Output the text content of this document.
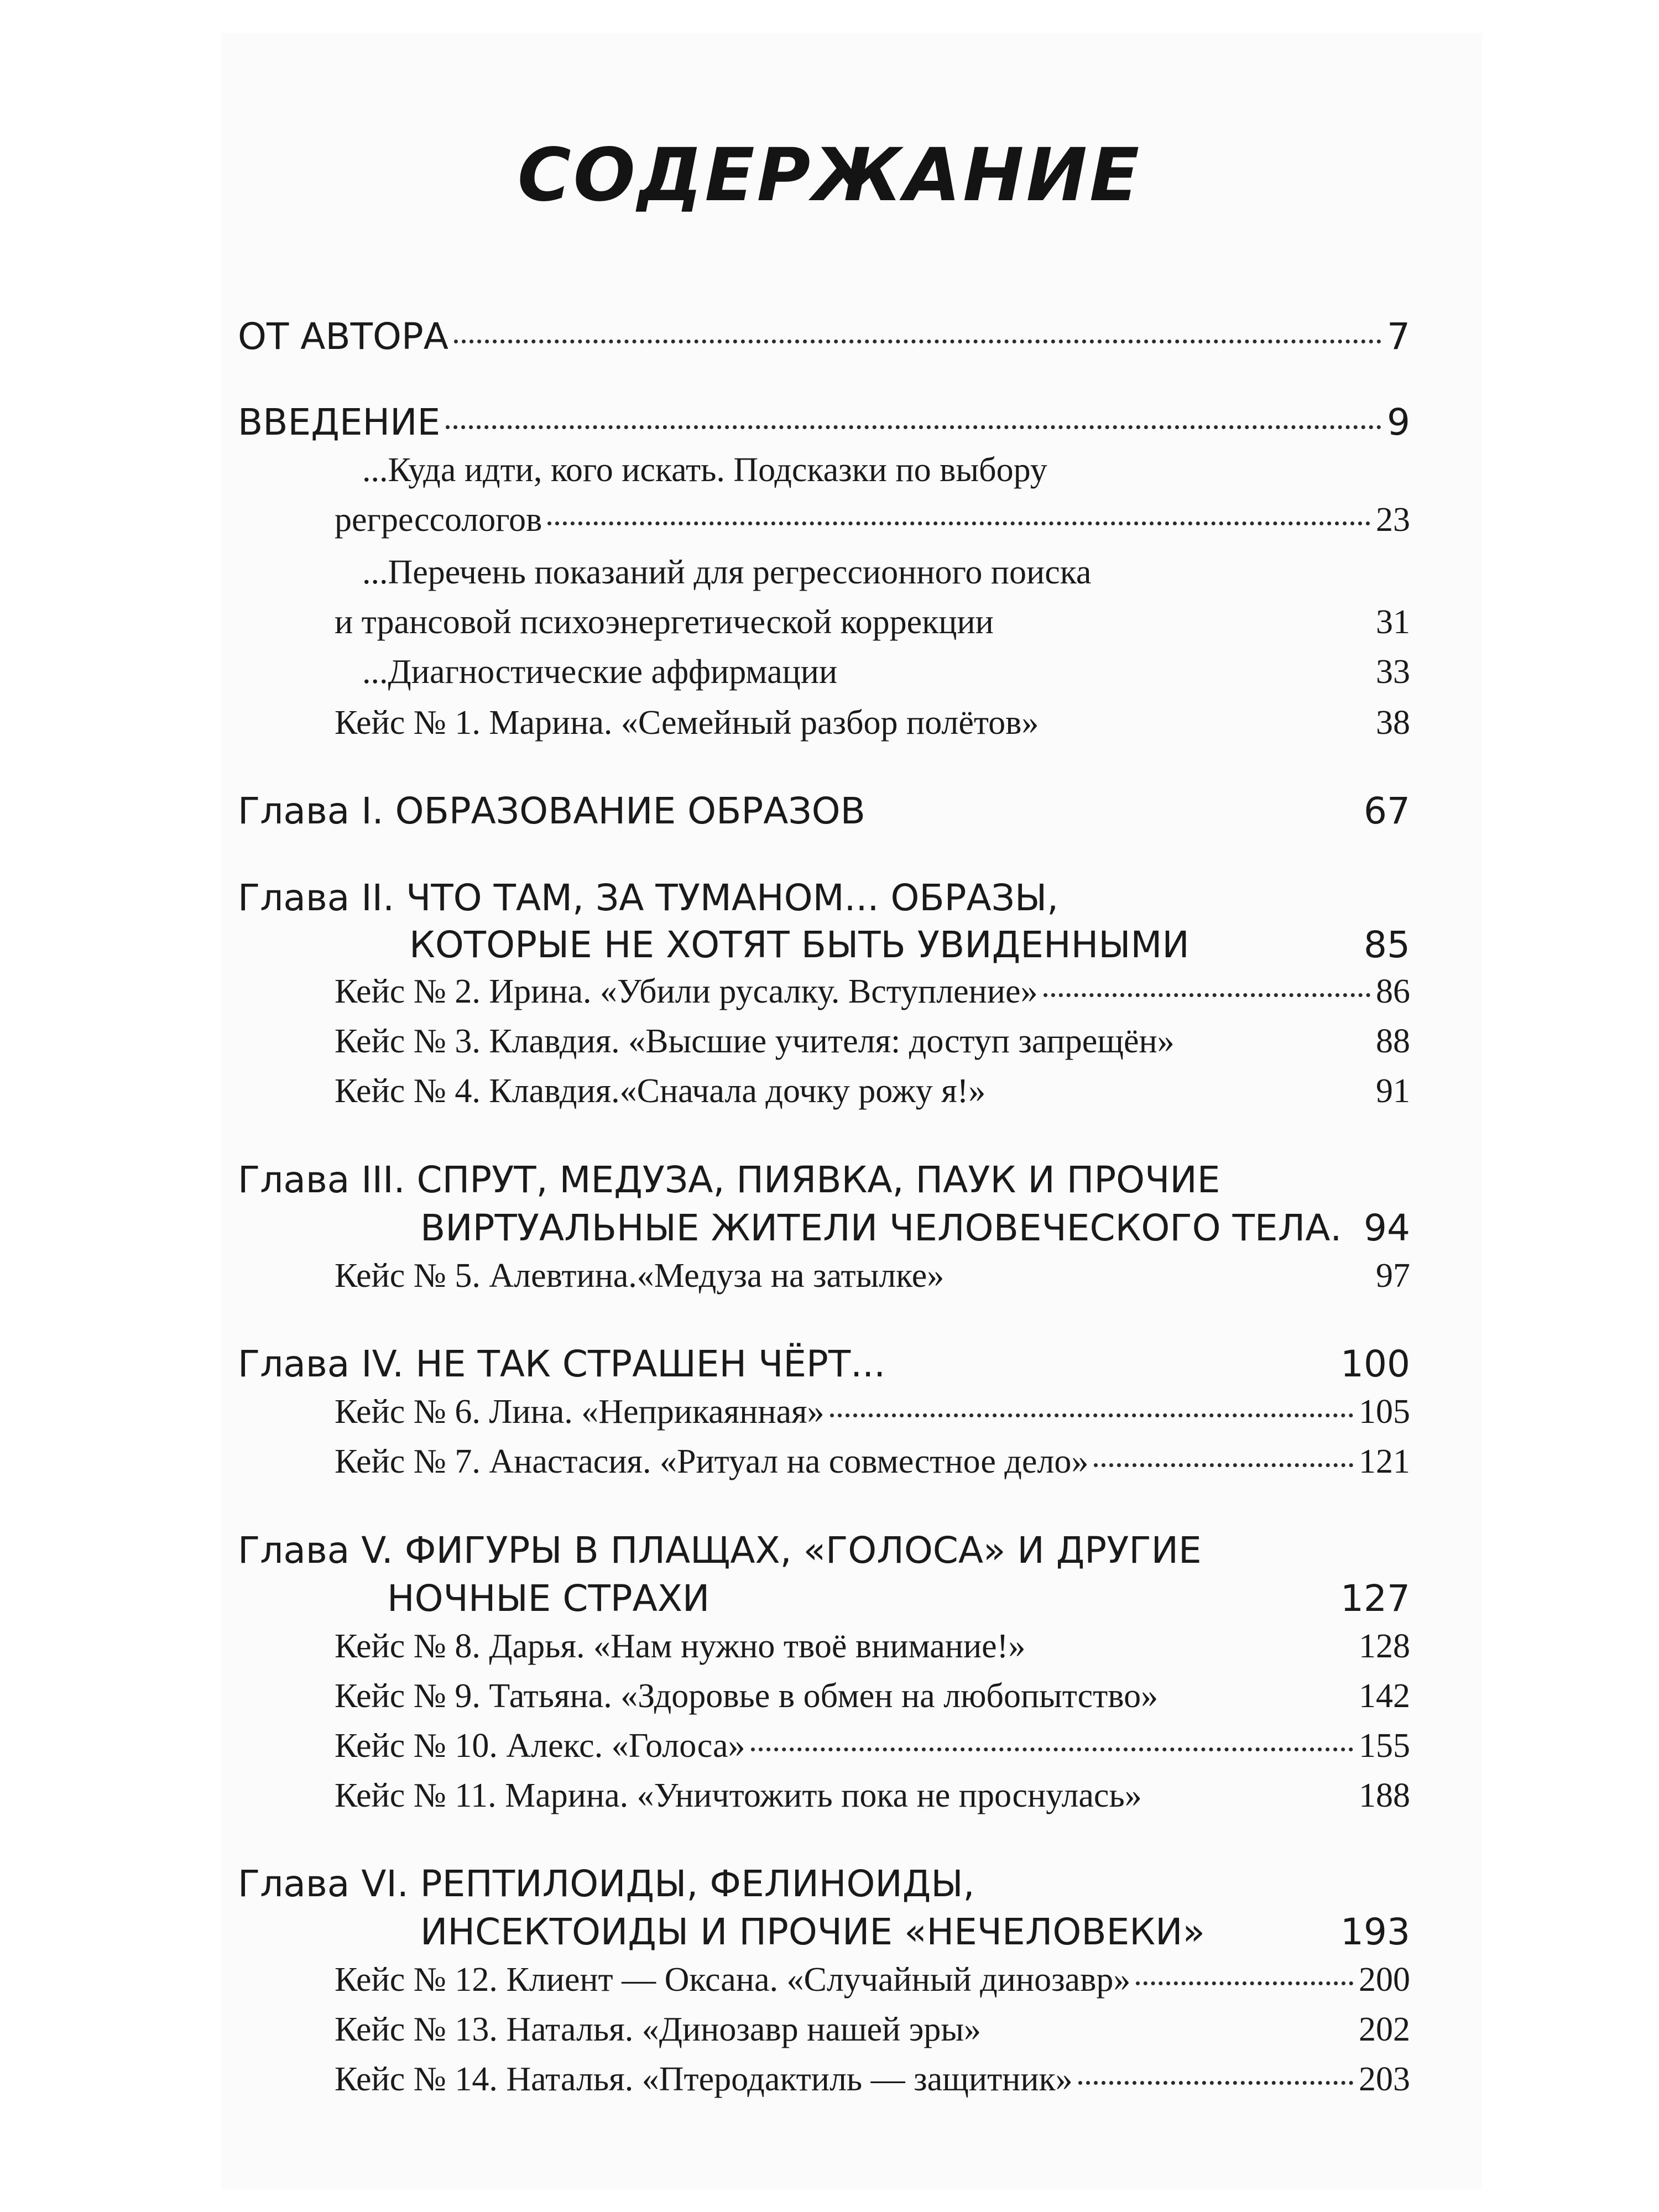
СОДЕРЖАНИЕ
ОТ АВТОРА	7
ВВЕДЕНИЕ	9
...Куда идти, кого искать. Подсказки по выбору
регрессологов	23
...Перечень показаний для регрессионного поиска
и трансовой психоэнергетической коррекции	31
...Диагностические аффирмации	33
Кейс № 1. Марина. «Семейный разбор полётов»	38
Глава I. ОБРАЗОВАНИЕ ОБРАЗОВ	67
Глава II. ЧТО ТАМ, ЗА ТУМАНОМ... ОБРАЗЫ,
КОТОРЫЕ НЕ ХОТЯТ БЫТЬ УВИДЕННЫМИ	85
Кейс № 2. Ирина. «Убили русалку. Вступление»	86
Кейс № 3. Клавдия. «Высшие учителя: доступ запрещён»	88
Кейс № 4. Клавдия.«Сначала дочку рожу я!»	91
Глава III. СПРУТ, МЕДУЗА, ПИЯВКА, ПАУК И ПРОЧИЕ
ВИРТУАЛЬНЫЕ ЖИТЕЛИ ЧЕЛОВЕЧЕСКОГО ТЕЛА. 94
Кейс № 5. Алевтина.«Медуза на затылке»	97
Глава IV. НЕ ТАК СТРАШЕН ЧЁРТ...	100
Кейс № 6. Лина. «Неприкаянная»	105
Кейс № 7. Анастасия. «Ритуал на совместное дело»	121
Глава V. ФИГУРЫ В ПЛАЩАХ, «ГОЛОСА» И ДРУГИЕ
НОЧНЫЕ СТРАХИ	127
Кейс № 8. Дарья. «Нам нужно твоё внимание!»	128
Кейс № 9. Татьяна. «Здоровье в обмен на любопытство»	142
Кейс № 10. Алекс. «Голоса»	155
Кейс № 11. Марина. «Уничтожить пока не проснулась»	188
Глава VI. РЕПТИЛОИДЫ, ФЕЛИНОИДЫ,
ИНСЕКТОИДЫ И ПРОЧИЕ «НЕЧЕЛОВЕКИ»	193
Кейс № 12. Клиент — Оксана. «Случайный динозавр»	200
Кейс № 13. Наталья. «Динозавр нашей эры»	202
Кейс № 14. Наталья. «Птеродактиль — защитник»	203
